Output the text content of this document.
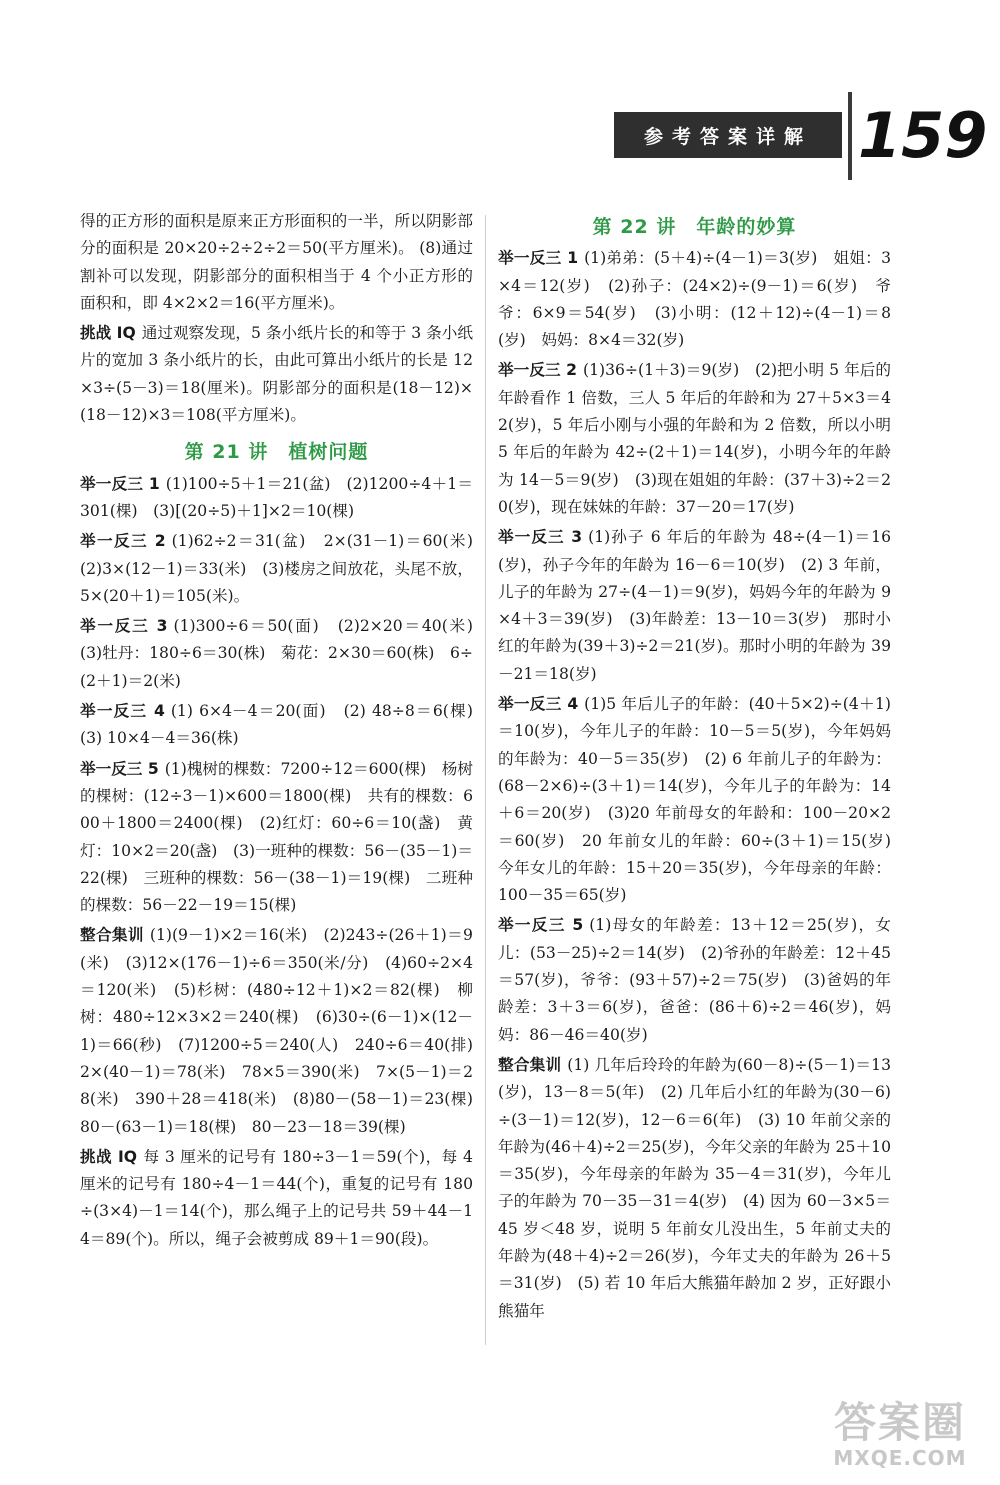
参考答案详解 159

得的正方形的面积是原来正方形面积的一半，所以阴影部分的面积是 20×20÷2÷2÷2＝50(平方厘米)。 (8)通过割补可以发现，阴影部分的面积相当于 4 个小正方形的面积和，即 4×2×2＝16(平方厘米)。

挑战 IQ 通过观察发现，5 条小纸片长的和等于 3 条小纸片的宽加 3 条小纸片的长，由此可算出小纸片的长是 12×3÷(5－3)＝18(厘米)。阴影部分的面积是(18－12)×(18－12)×3＝108(平方厘米)。

第 21 讲　植树问题

举一反三 1 (1)100÷5＋1＝21(盆)　(2)1200÷4＋1＝301(棵)　(3)[(20÷5)＋1]×2＝10(棵)

举一反三 2 (1)62÷2＝31(盆)　2×(31－1)＝60(米)　(2)3×(12－1)＝33(米)　(3)楼房之间放花，头尾不放，5×(20＋1)＝105(米)。

举一反三 3 (1)300÷6＝50(面)　(2)2×20＝40(米)　(3)牡丹：180÷6＝30(株)　菊花：2×30＝60(株)　6÷(2＋1)＝2(米)

举一反三 4 (1) 6×4－4＝20(面)　(2) 48÷8＝6(棵)　(3) 10×4－4＝36(株)

举一反三 5 (1)槐树的棵数：7200÷12＝600(棵)　杨树的棵树：(12÷3－1)×600＝1800(棵)　共有的棵数：600＋1800＝2400(棵)　(2)红灯：60÷6＝10(盏)　黄灯：10×2＝20(盏)　(3)一班种的棵数：56－(35－1)＝22(棵)　三班种的棵数：56－(38－1)＝19(棵)　二班种的棵数：56－22－19＝15(棵)

整合集训 (1)(9－1)×2＝16(米)　(2)243÷(26＋1)＝9(米)　(3)12×(176－1)÷6＝350(米/分)　(4)60÷2×4＝120(米)　(5)杉树：(480÷12＋1)×2＝82(棵)　柳树：480÷12×3×2＝240(棵)　(6)30÷(6－1)×(12－1)＝66(秒)　(7)1200÷5＝240(人)　240÷6＝40(排)　2×(40－1)＝78(米)　78×5＝390(米)　7×(5－1)＝28(米)　390＋28＝418(米)　(8)80－(58－1)＝23(棵)　80－(63－1)＝18(棵)　80－23－18＝39(棵)

挑战 IQ 每 3 厘米的记号有 180÷3－1＝59(个)，每 4 厘米的记号有 180÷4－1＝44(个)，重复的记号有 180÷(3×4)－1＝14(个)，那么绳子上的记号共 59＋44－14＝89(个)。所以，绳子会被剪成 89＋1＝90(段)。

第 22 讲　年龄的妙算

举一反三 1 (1)弟弟：(5＋4)÷(4－1)＝3(岁)　姐姐：3×4＝12(岁)　(2)孙子：(24×2)÷(9－1)＝6(岁)　爷爷：6×9＝54(岁)　(3)小明：(12＋12)÷(4－1)＝8(岁)　妈妈：8×4＝32(岁)

举一反三 2 (1)36÷(1＋3)＝9(岁)　(2)把小明 5 年后的年龄看作 1 倍数，三人 5 年后的年龄和为 27＋5×3＝42(岁)，5 年后小刚与小强的年龄和为 2 倍数，所以小明 5 年后的年龄为 42÷(2＋1)＝14(岁)，小明今年的年龄为 14－5＝9(岁)　(3)现在姐姐的年龄：(37＋3)÷2＝20(岁)，现在妹妹的年龄：37－20＝17(岁)

举一反三 3 (1)孙子 6 年后的年龄为 48÷(4－1)＝16(岁)，孙子今年的年龄为 16－6＝10(岁)　(2) 3 年前，儿子的年龄为 27÷(4－1)＝9(岁)，妈妈今年的年龄为 9×4＋3＝39(岁)　(3)年龄差：13－10＝3(岁)　那时小红的年龄为(39＋3)÷2＝21(岁)。那时小明的年龄为 39－21＝18(岁)

举一反三 4 (1)5 年后儿子的年龄：(40＋5×2)÷(4＋1)＝10(岁)，今年儿子的年龄：10－5＝5(岁)，今年妈妈的年龄为：40－5＝35(岁)　(2) 6 年前儿子的年龄为：(68－2×6)÷(3＋1)＝14(岁)，今年儿子的年龄为：14＋6＝20(岁)　(3)20 年前母女的年龄和：100－20×2＝60(岁)　20 年前女儿的年龄：60÷(3＋1)＝15(岁)　今年女儿的年龄：15＋20＝35(岁)，今年母亲的年龄：100－35＝65(岁)

举一反三 5 (1)母女的年龄差：13＋12＝25(岁)，女儿：(53－25)÷2＝14(岁)　(2)爷孙的年龄差：12＋45＝57(岁)，爷爷：(93＋57)÷2＝75(岁)　(3)爸妈的年龄差：3＋3＝6(岁)，爸爸：(86＋6)÷2＝46(岁)，妈妈：86－46＝40(岁)

整合集训 (1) 几年后玲玲的年龄为(60－8)÷(5－1)＝13(岁)，13－8＝5(年)　(2) 几年后小红的年龄为(30－6)÷(3－1)＝12(岁)，12－6＝6(年)　(3) 10 年前父亲的年龄为(46＋4)÷2＝25(岁)，今年父亲的年龄为 25＋10＝35(岁)，今年母亲的年龄为 35－4＝31(岁)，今年儿子的年龄为 70－35－31＝4(岁)　(4) 因为 60－3×5＝45 岁＜48 岁，说明 5 年前女儿没出生，5 年前丈夫的年龄为(48＋4)÷2＝26(岁)，今年丈夫的年龄为 26＋5＝31(岁)　(5) 若 10 年后大熊猫年龄加 2 岁，正好跟小熊猫年

答案圈
MXQE.COM
